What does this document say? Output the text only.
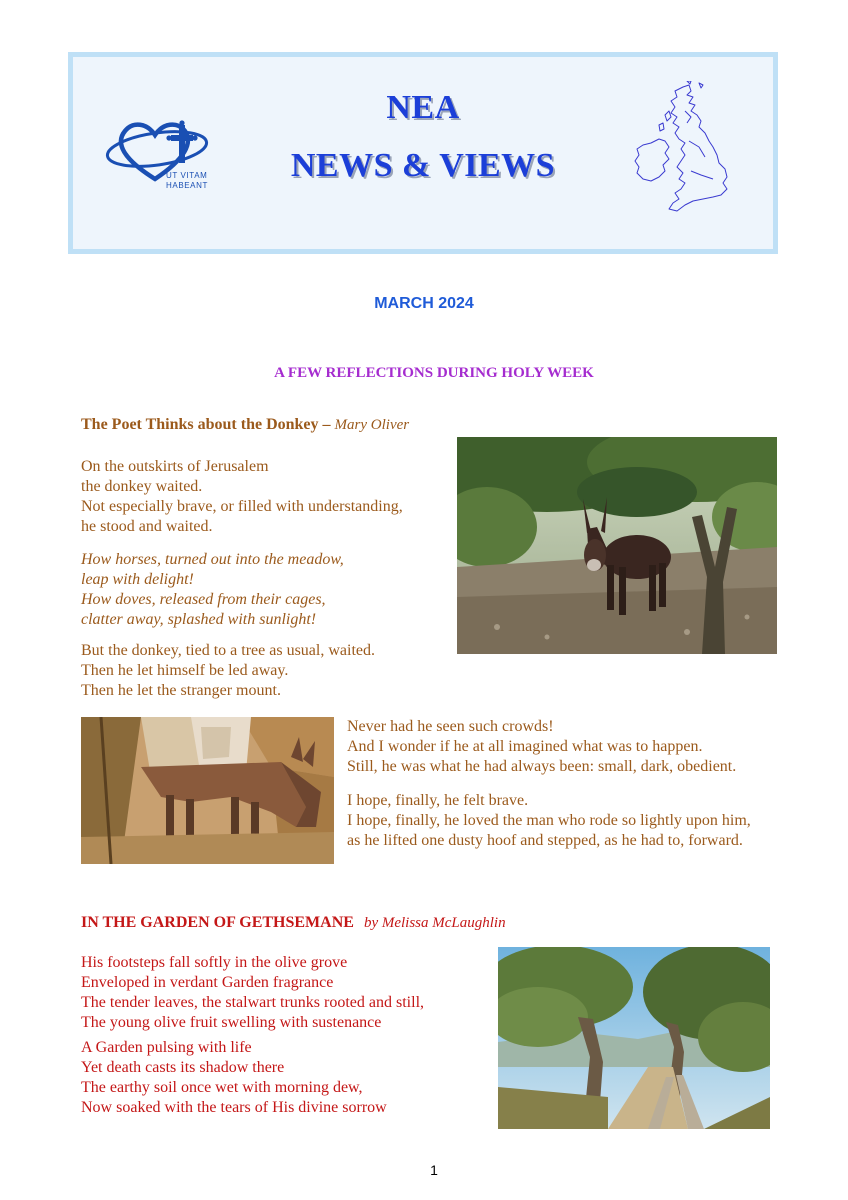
UT VITAM
HABEANT
NEA
NEWS & VIEWS
MARCH 2024
A FEW REFLECTIONS DURING HOLY WEEK
The Poet Thinks about the Donkey – Mary Oliver
On the outskirts of Jerusalem
the donkey waited.
Not especially brave, or filled with understanding,
he stood and waited.
How horses, turned out into the meadow,
leap with delight!
How doves, released from their cages,
clatter away, splashed with sunlight!
But the donkey, tied to a tree as usual, waited.
Then he let himself be led away.
Then he let the stranger mount.
Never had he seen such crowds!
And I wonder if he at all imagined what was to happen.
Still, he was what he had always been: small, dark, obedient.
I hope, finally, he felt brave.
I hope, finally, he loved the man who rode so lightly upon him,
as he lifted one dusty hoof and stepped, as he had to, forward.
IN THE GARDEN OF GETHSEMANE by Melissa McLaughlin
His footsteps fall softly in the olive grove
Enveloped in verdant Garden fragrance
The tender leaves, the stalwart trunks rooted and still,
The young olive fruit swelling with sustenance
A Garden pulsing with life
Yet death casts its shadow there
The earthy soil once wet with morning dew,
Now soaked with the tears of His divine sorrow
1
